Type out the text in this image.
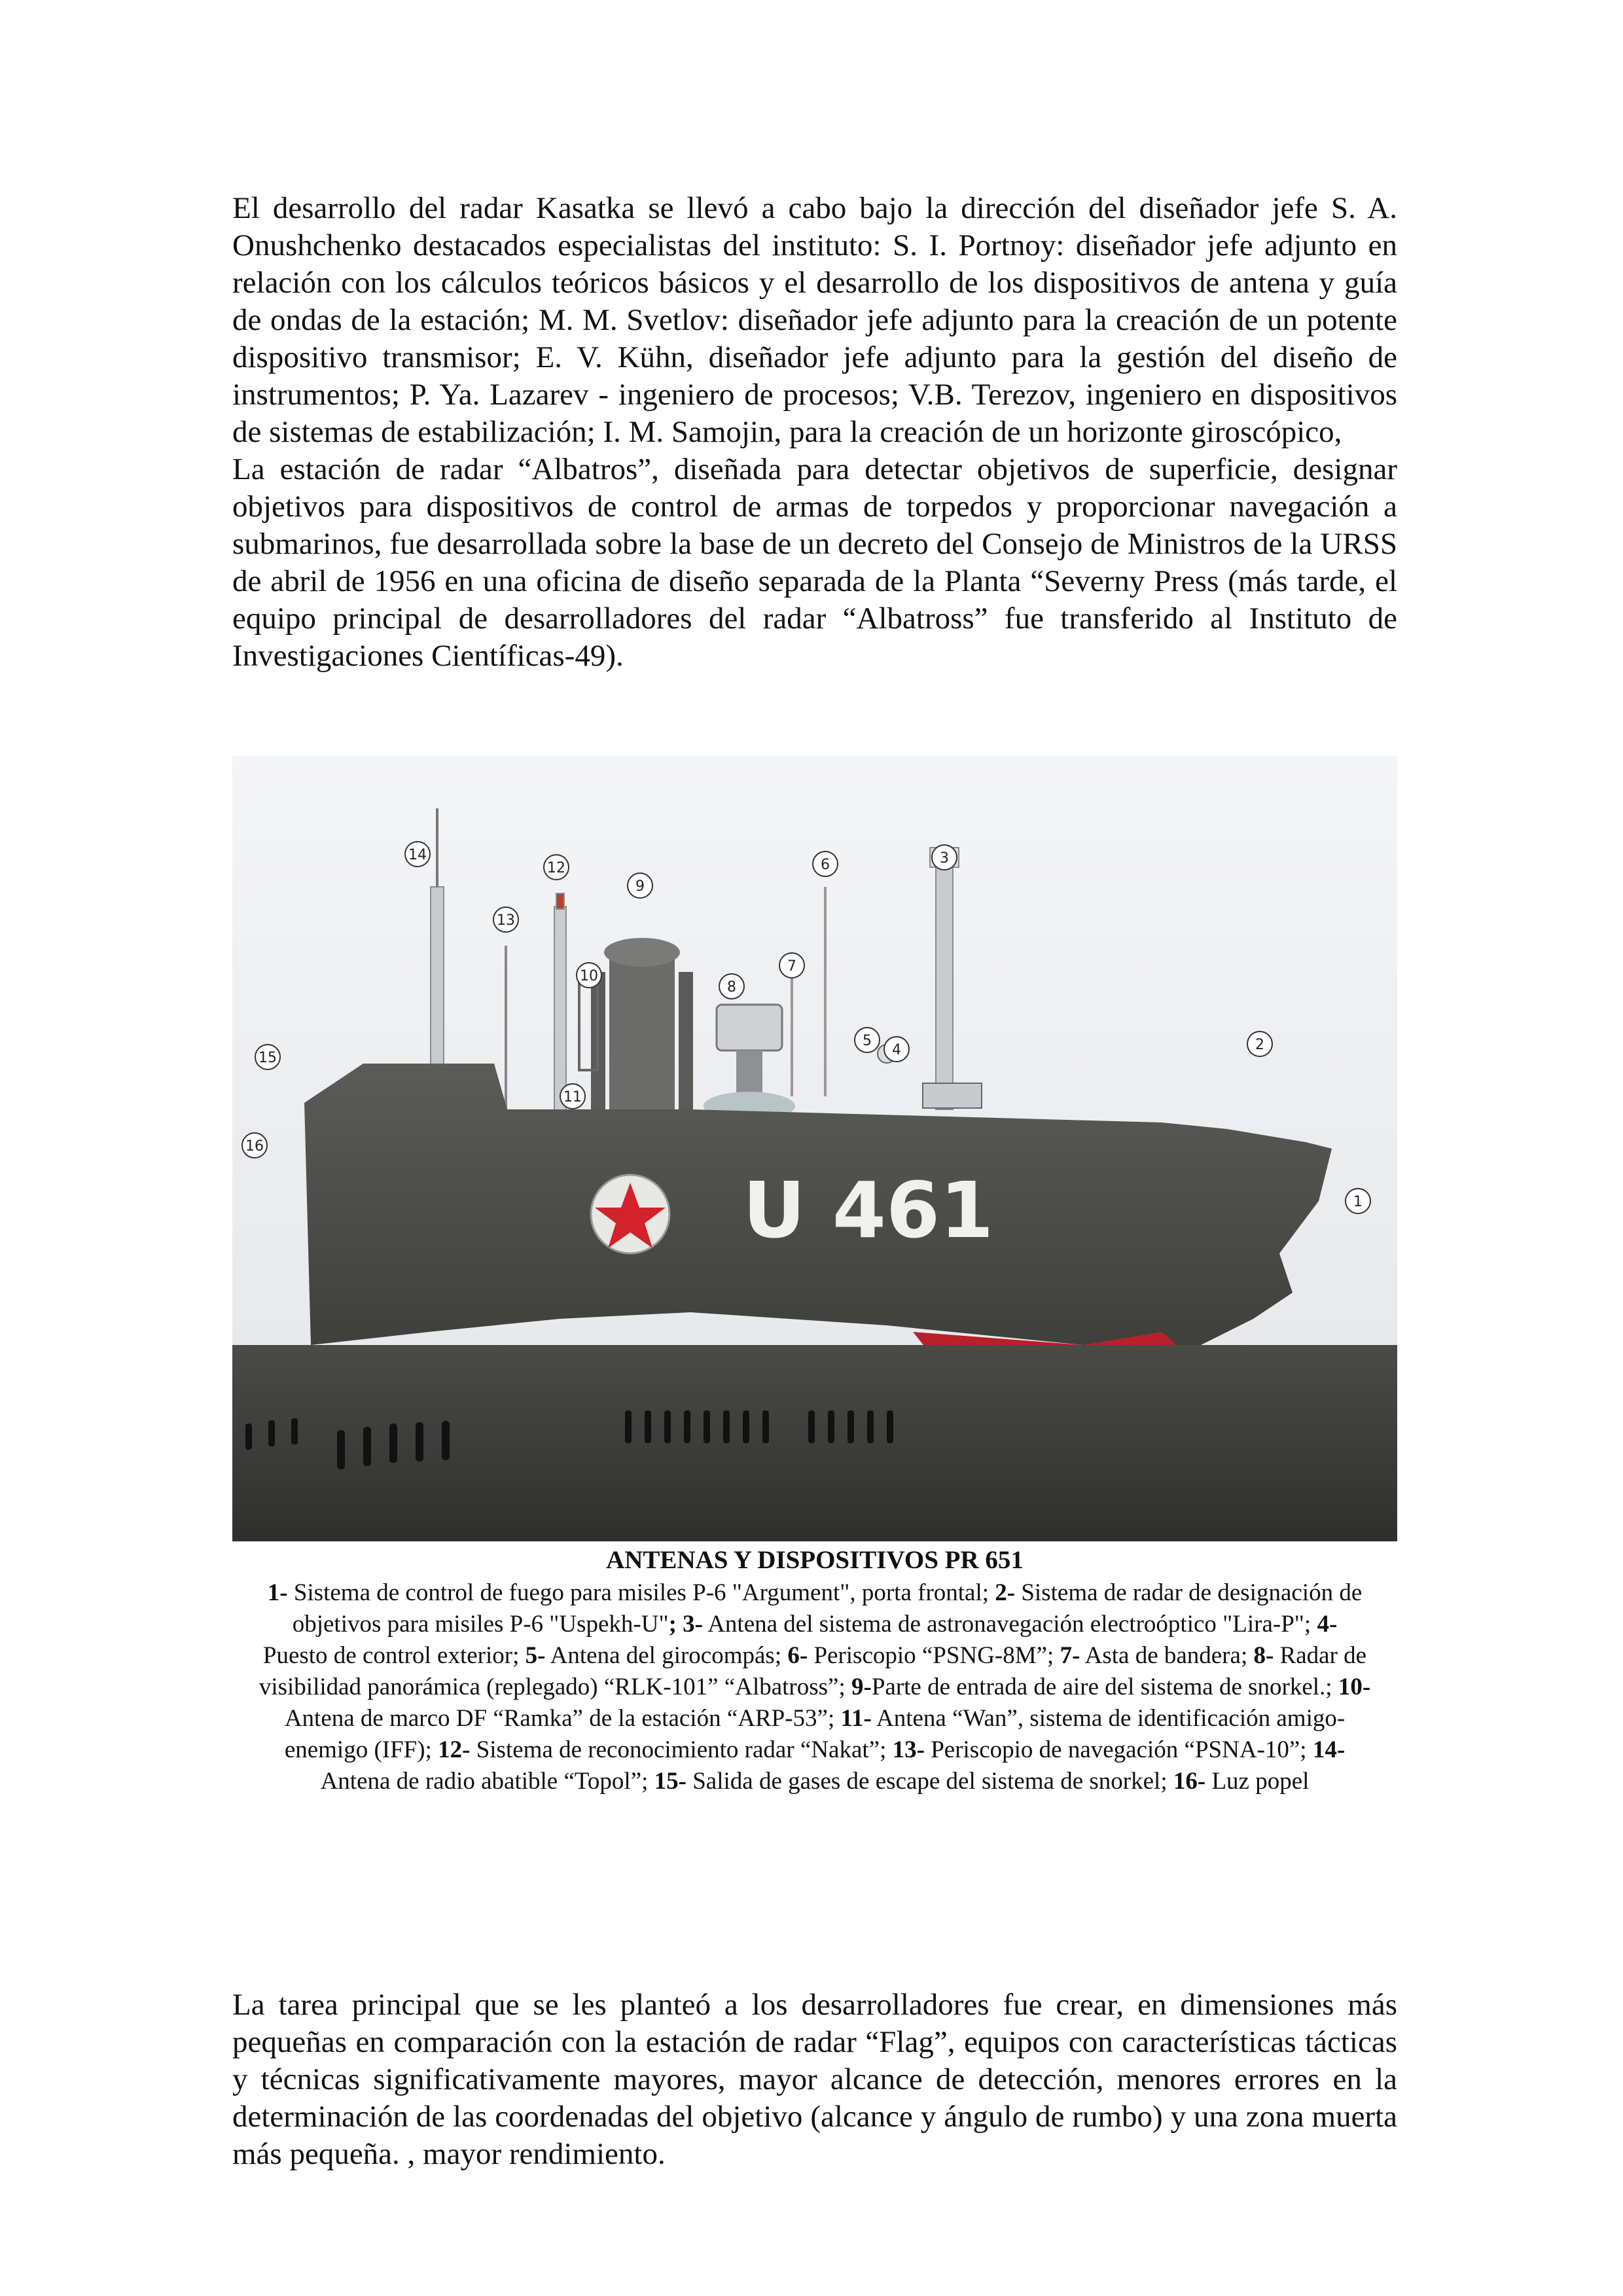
El desarrollo del radar Kasatka se llevó a cabo bajo la dirección del diseñador jefe S. A. Onushchenko destacados especialistas del instituto: S. I. Portnoy: diseñador jefe adjunto en relación con los cálculos teóricos básicos y el desarrollo de los dispositivos de antena y guía de ondas de la estación; M. M. Svetlov: diseñador jefe adjunto para la creación de un potente dispositivo transmisor; E. V. Kühn, diseñador jefe adjunto para la gestión del diseño de instrumentos; P. Ya. Lazarev - ingeniero de procesos; V.B. Terezov, ingeniero en dispositivos de sistemas de estabilización; I. M. Samojin, para la creación de un horizonte giroscópico,
La estación de radar “Albatros”, diseñada para detectar objetivos de superficie, designar objetivos para dispositivos de control de armas de torpedos y proporcionar navegación a submarinos, fue desarrollada sobre la base de un decreto del Consejo de Ministros de la URSS de abril de 1956 en una oficina de diseño separada de la Planta “Severny Press (más tarde, el equipo principal de desarrolladores del radar “Albatross” fue transferido al Instituto de Investigaciones Científicas-49).
U 461	1
2
3
4
5
6
7
8
9
10
11
12
13
14
15
16
ANTENAS Y DISPOSITIVOS PR 651
1- Sistema de control de fuego para misiles P-6 "Argument", porta frontal; 2- Sistema de radar de designación de objetivos para misiles P-6 "Uspekh-U"; 3- Antena del sistema de astronavegación electroóptico "Lira-P"; 4- Puesto de control exterior; 5- Antena del girocompás; 6- Periscopio “PSNG-8M”; 7- Asta de bandera; 8- Radar de visibilidad panorámica (replegado) “RLK-101” “Albatross”; 9-Parte de entrada de aire del sistema de snorkel.; 10- Antena de marco DF “Ramka” de la estación “ARP-53”; 11- Antena “Wan”, sistema de identificación amigo-enemigo (IFF); 12- Sistema de reconocimiento radar “Nakat”; 13- Periscopio de navegación “PSNA-10”; 14- Antena de radio abatible “Topol”; 15- Salida de gases de escape del sistema de snorkel; 16- Luz popel

La tarea principal que se les planteó a los desarrolladores fue crear, en dimensiones más pequeñas en comparación con la estación de radar “Flag”, equipos con características tácticas y técnicas significativamente mayores, mayor alcance de detección, menores errores en la determinación de las coordenadas del objetivo (alcance y ángulo de rumbo) y una zona muerta más pequeña. , mayor rendimiento.
